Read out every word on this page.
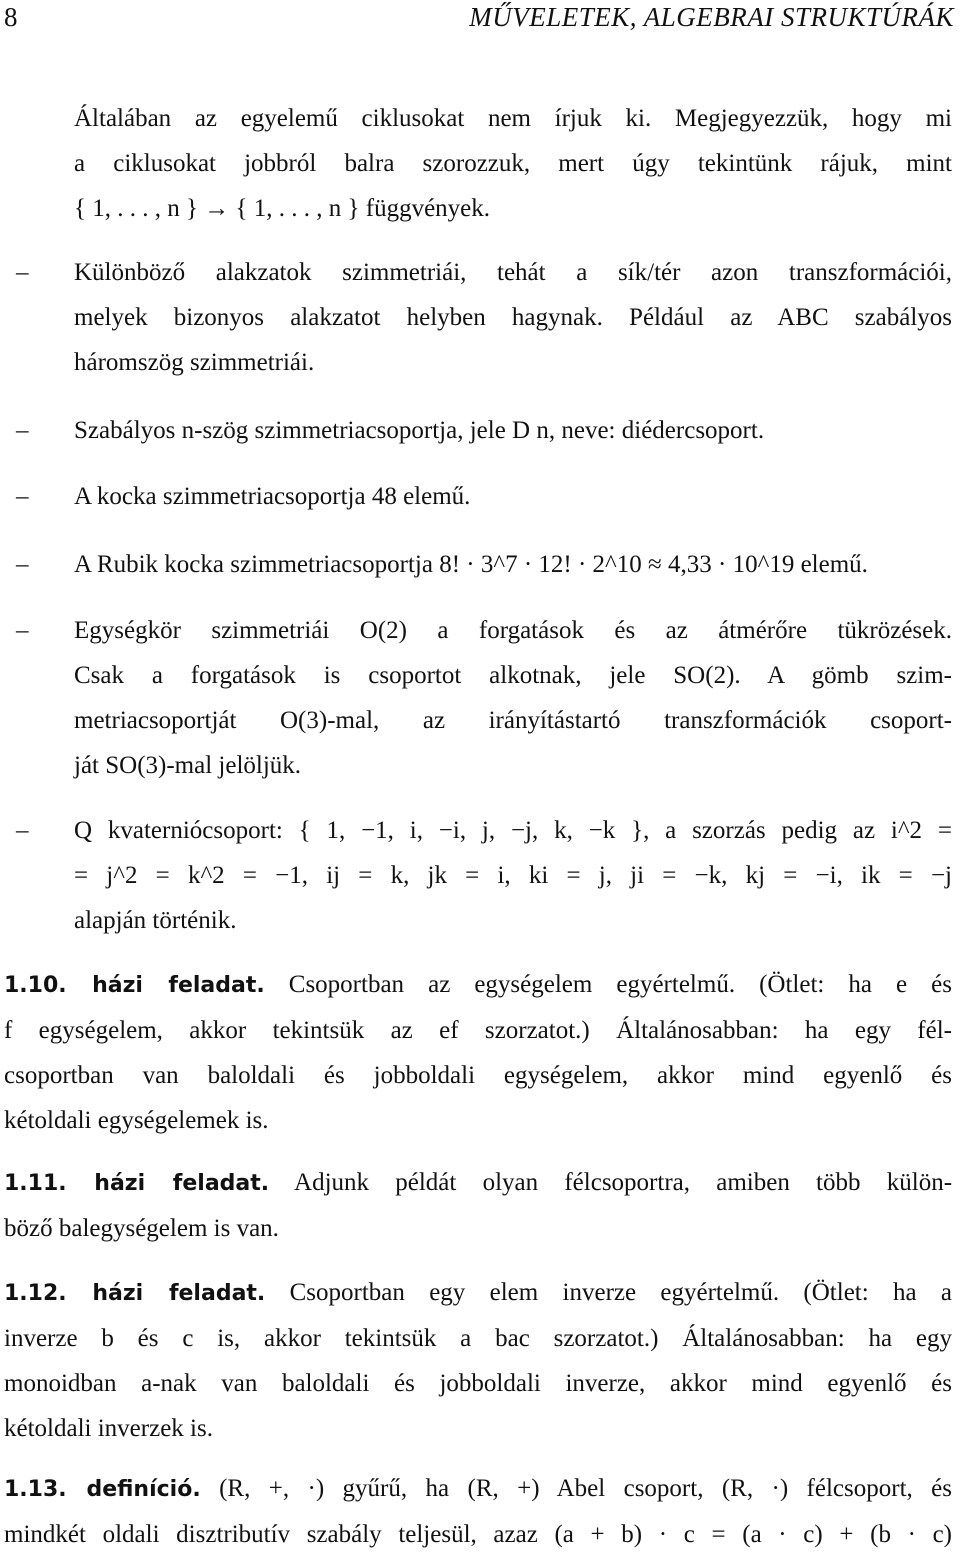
8	MŰVELETEK, ALGEBRAI STRUKTÚRÁK
Általában az egyelemű ciklusokat nem írjuk ki. Megjegyezzük, hogy mi
a ciklusokat jobbról balra szorozzuk, mert úgy tekintünk rájuk, mint
{ 1, . . . , n } → { 1, . . . , n } függvények.
– Különböző alakzatok szimmetriái, tehát a sík/tér azon transzformációi,
melyek bizonyos alakzatot helyben hagynak. Például az ABC szabályos
háromszög szimmetriái.
– Szabályos n-szög szimmetriacsoportja, jele D n, neve: diédercsoport.
– A kocka szimmetriacsoportja 48 elemű.
– A Rubik kocka szimmetriacsoportja 8! · 3^7 · 12! · 2^10 ≈ 4,33 · 10^19 elemű.
– Egységkör szimmetriái O(2) a forgatások és az átmérőre tükrözések.
Csak a forgatások is csoportot alkotnak, jele SO(2). A gömb szim-
metriacsoportját O(3)-mal, az irányítástartó transzformációk csoport-
ját SO(3)-mal jelöljük.
– Q kvaterniócsoport: { 1, −1, i, −i, j, −j, k, −k }, a szorzás pedig az i^2 =
= j^2 = k^2 = −1, ij = k, jk = i, ki = j, ji = −k, kj = −i, ik = −j
alapján történik.
1.10. házi feladat. Csoportban az egységelem egyértelmű. (Ötlet: ha e és
f egységelem, akkor tekintsük az ef szorzatot.) Általánosabban: ha egy fél-
csoportban van baloldali és jobboldali egységelem, akkor mind egyenlő és
kétoldali egységelemek is.
1.11. házi feladat. Adjunk példát olyan félcsoportra, amiben több külön-
böző balegységelem is van.
1.12. házi feladat. Csoportban egy elem inverze egyértelmű. (Ötlet: ha a
inverze b és c is, akkor tekintsük a bac szorzatot.) Általánosabban: ha egy
monoidban a-nak van baloldali és jobboldali inverze, akkor mind egyenlő és
kétoldali inverzek is.
1.13. definíció. (R, +, ·) gyűrű, ha (R, +) Abel csoport, (R, ·) félcsoport, és
mindkét oldali disztributív szabály teljesül, azaz (a + b) · c = (a · c) + (b · c)
